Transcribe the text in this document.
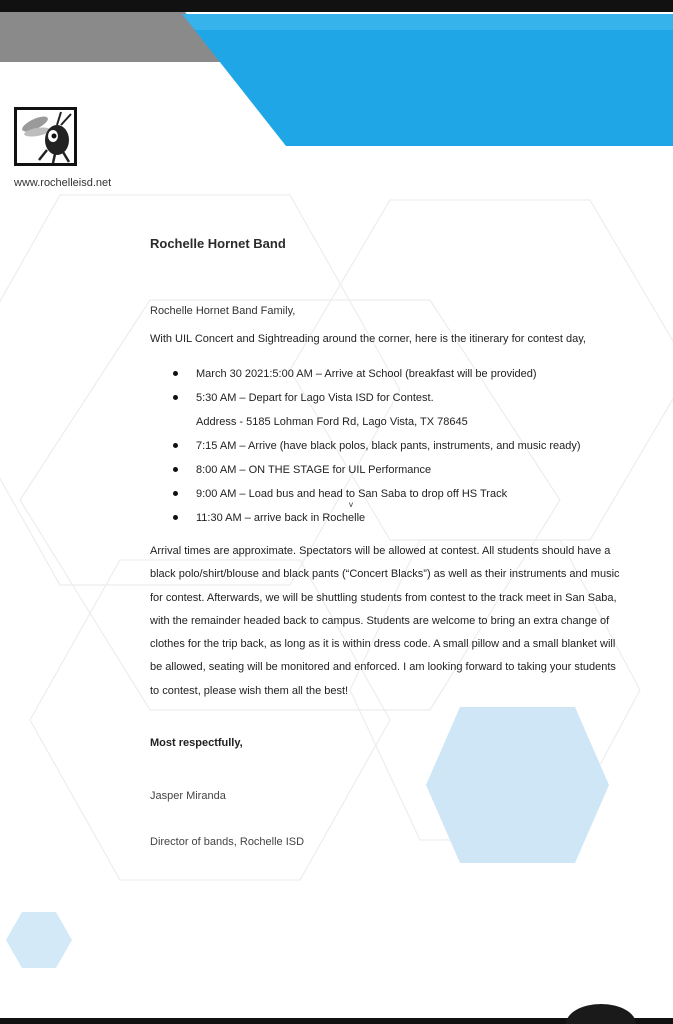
www.rochelleisd.net
Rochelle Hornet Band
Rochelle Hornet Band Family,
With UIL Concert and Sightreading around the corner, here is the itinerary for contest day,
March 30 2021:5:00 AM – Arrive at School (breakfast will be provided)
5:30 AM – Depart for Lago Vista ISD for Contest.
Address - 5185 Lohman Ford Rd, Lago Vista, TX 78645
7:15 AM – Arrive (have black polos, black pants, instruments, and music ready)
8:00 AM – ON THE STAGE for UIL Performance
9:00 AM – Load bus and head to San Saba to drop off HS Track
11:30 AM – arrive back in Rochelle
v
Arrival times are approximate. Spectators will be allowed at contest. All students should have a
black polo/shirt/blouse and black pants (“Concert Blacks”) as well as their instruments and music
for contest. Afterwards, we will be shuttling students from contest to the track meet in San Saba,
with the remainder headed back to campus. Students are welcome to bring an extra change of
clothes for the trip back, as long as it is within dress code. A small pillow and a small blanket will
be allowed, seating will be monitored and enforced. I am looking forward to taking your students
to contest, please wish them all the best!
Most respectfully,
Jasper Miranda
Director of bands, Rochelle ISD
